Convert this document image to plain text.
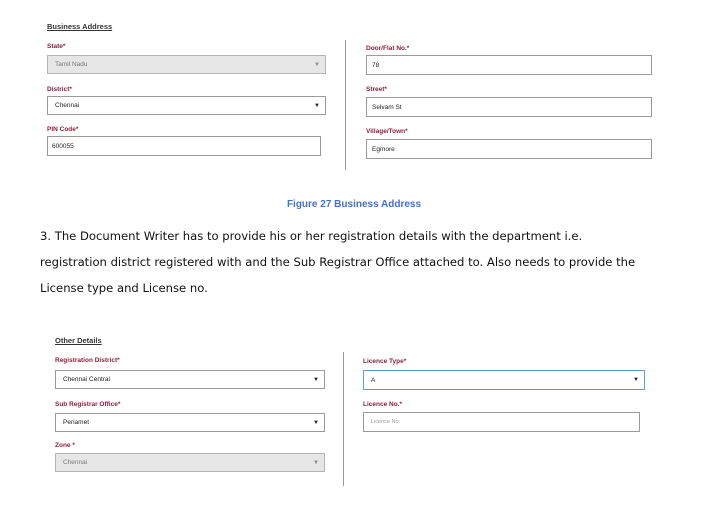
Business Address
State*
Tamil Nadu	▼
District*
Chennai	▼
PIN Code*
600055
Door/Flat No.*
78
Street*
Selvam St
Village/Town*
Egmore
Figure 27 Business Address
3. The Document Writer has to provide his or her registration details with the department i.e.
registration district registered with and the Sub Registrar Office attached to. Also needs to provide the
License type and License no.
Other Details
Registration District*
Chennai Central	▼
Sub Registrar Office*
Periamet	▼
Zone *
Chennai	▼
Licence Type*
A	▼
Licence No.*
Licence No.
